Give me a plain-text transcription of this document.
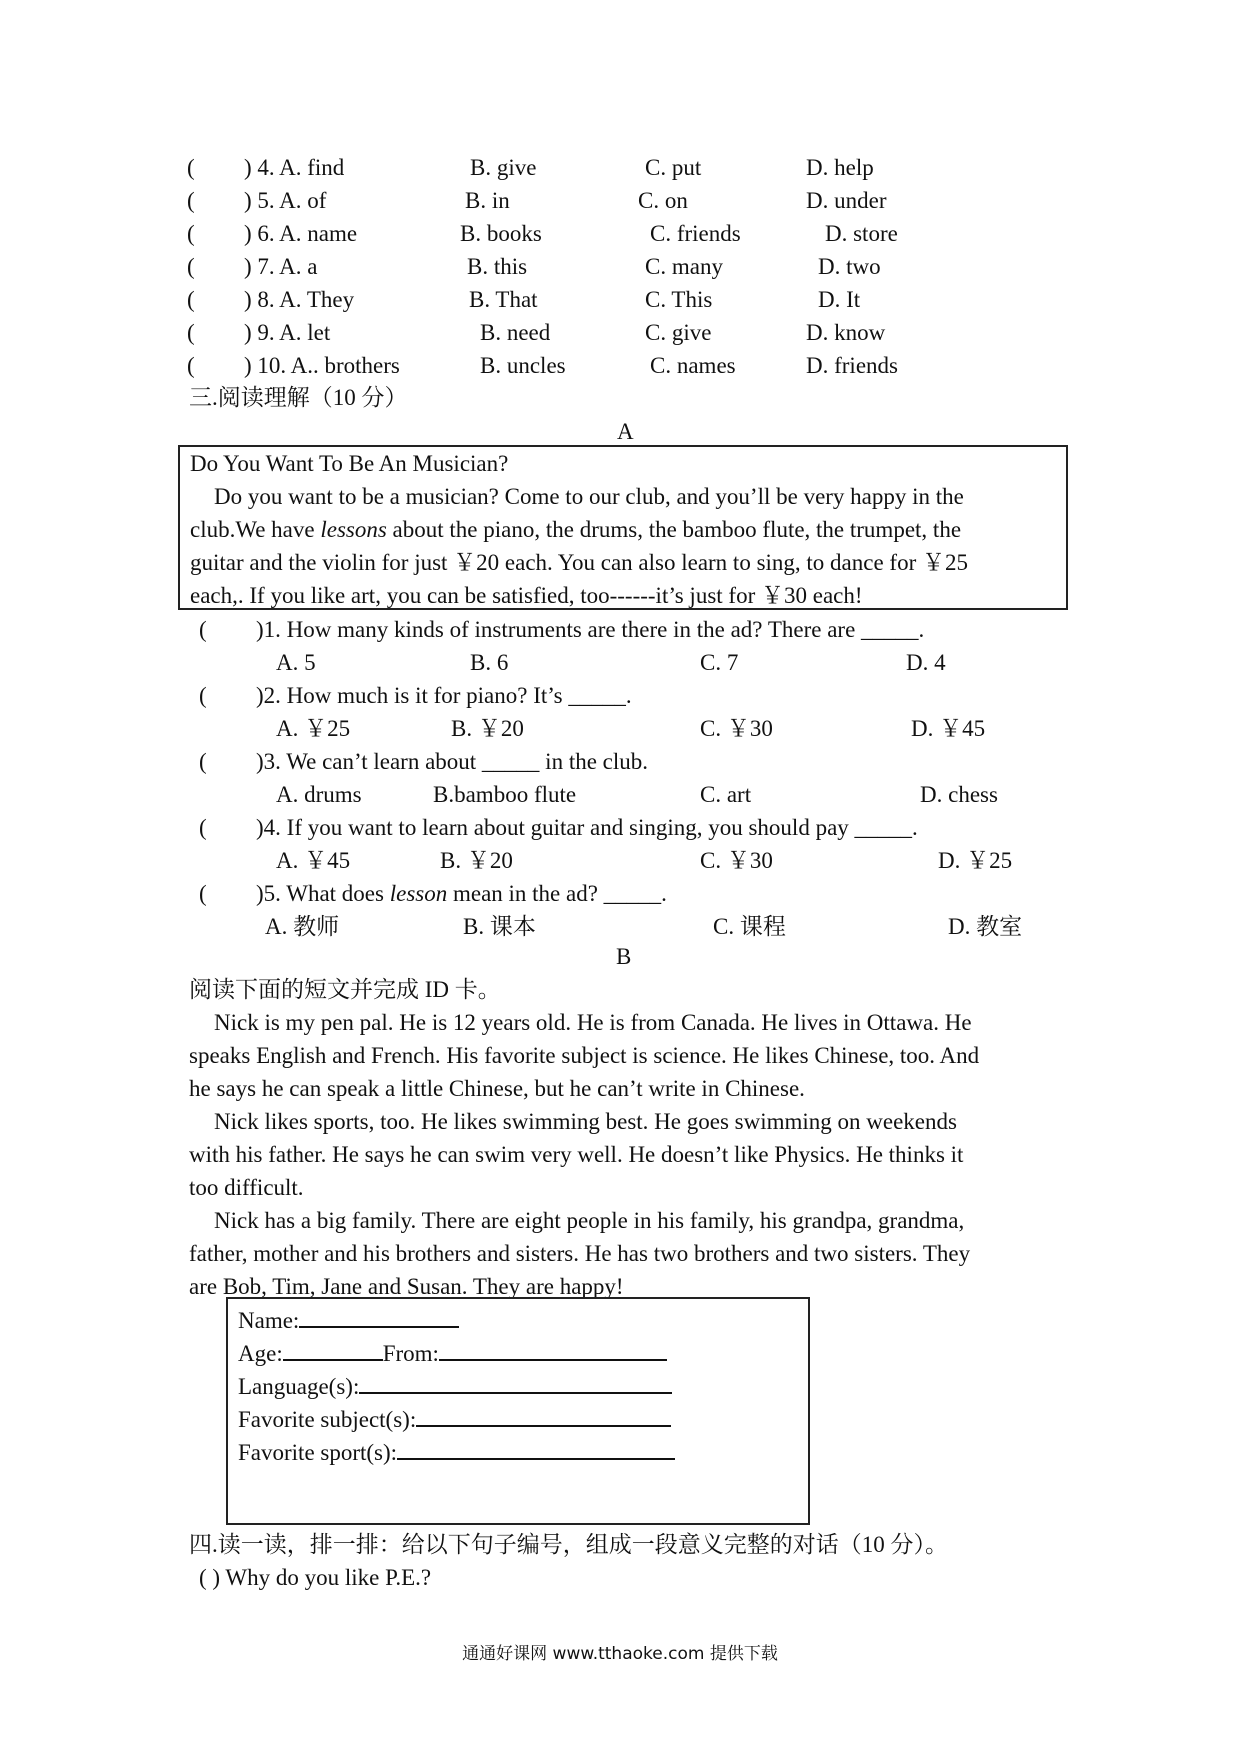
( ) 4. A. find	B. give	C. put	D. help
( ) 5. A. of	B. in	C. on	D. under
( ) 6. A. name	B. books	C. friends	D. store
( ) 7. A. a	B. this	C. many	D. two
( ) 8. A. They	B. That	C. This	D. It
( ) 9. A. let	B. need	C. give	D. know
( ) 10. A.. brothers	B. uncles	C. names	D. friends
三.阅读理解（10 分）
A
Do You Want To Be An Musician?
Do you want to be a musician? Come to our club, and you’ll be very happy in the
club.We have lessons about the piano, the drums, the bamboo flute, the trumpet, the
guitar and the violin for just ￥20 each. You can also learn to sing, to dance for ￥25
each,. If you like art, you can be satisfied, too------it’s just for ￥30 each!
( )1. How many kinds of instruments are there in the ad? There are _____.
A. 5	B. 6	C. 7	D. 4
( )2. How much is it for piano? It’s _____.
A. ￥25	B. ￥20	C. ￥30	D. ￥45
( )3. We can’t learn about _____ in the club.
A. drums	B.bamboo flute	C. art	D. chess
( )4. If you want to learn about guitar and singing, you should pay _____.
A. ￥45	B. ￥20	C. ￥30	D. ￥25
( )5. What does lesson mean in the ad? _____.
A. 教师	B. 课本	C. 课程	D. 教室
B
阅读下面的短文并完成 ID 卡。
Nick is my pen pal. He is 12 years old. He is from Canada. He lives in Ottawa. He
speaks English and French. His favorite subject is science. He likes Chinese, too. And
he says he can speak a little Chinese, but he can’t write in Chinese.
Nick likes sports, too. He likes swimming best. He goes swimming on weekends
with his father. He says he can swim very well. He doesn’t like Physics. He thinks it
too difficult.
Nick has a big family. There are eight people in his family, his grandpa, grandma,
father, mother and his brothers and sisters. He has two brothers and two sisters. They
are Bob, Tim, Jane and Susan. They are happy!
Name:
Age:	From:
Language(s):
Favorite subject(s):
Favorite sport(s):
四.读一读，排一排：给以下句子编号，组成一段意义完整的对话（10 分）。
( ) Why do you like P.E.?
通通好课网 www.tthaoke.com 提供下载
